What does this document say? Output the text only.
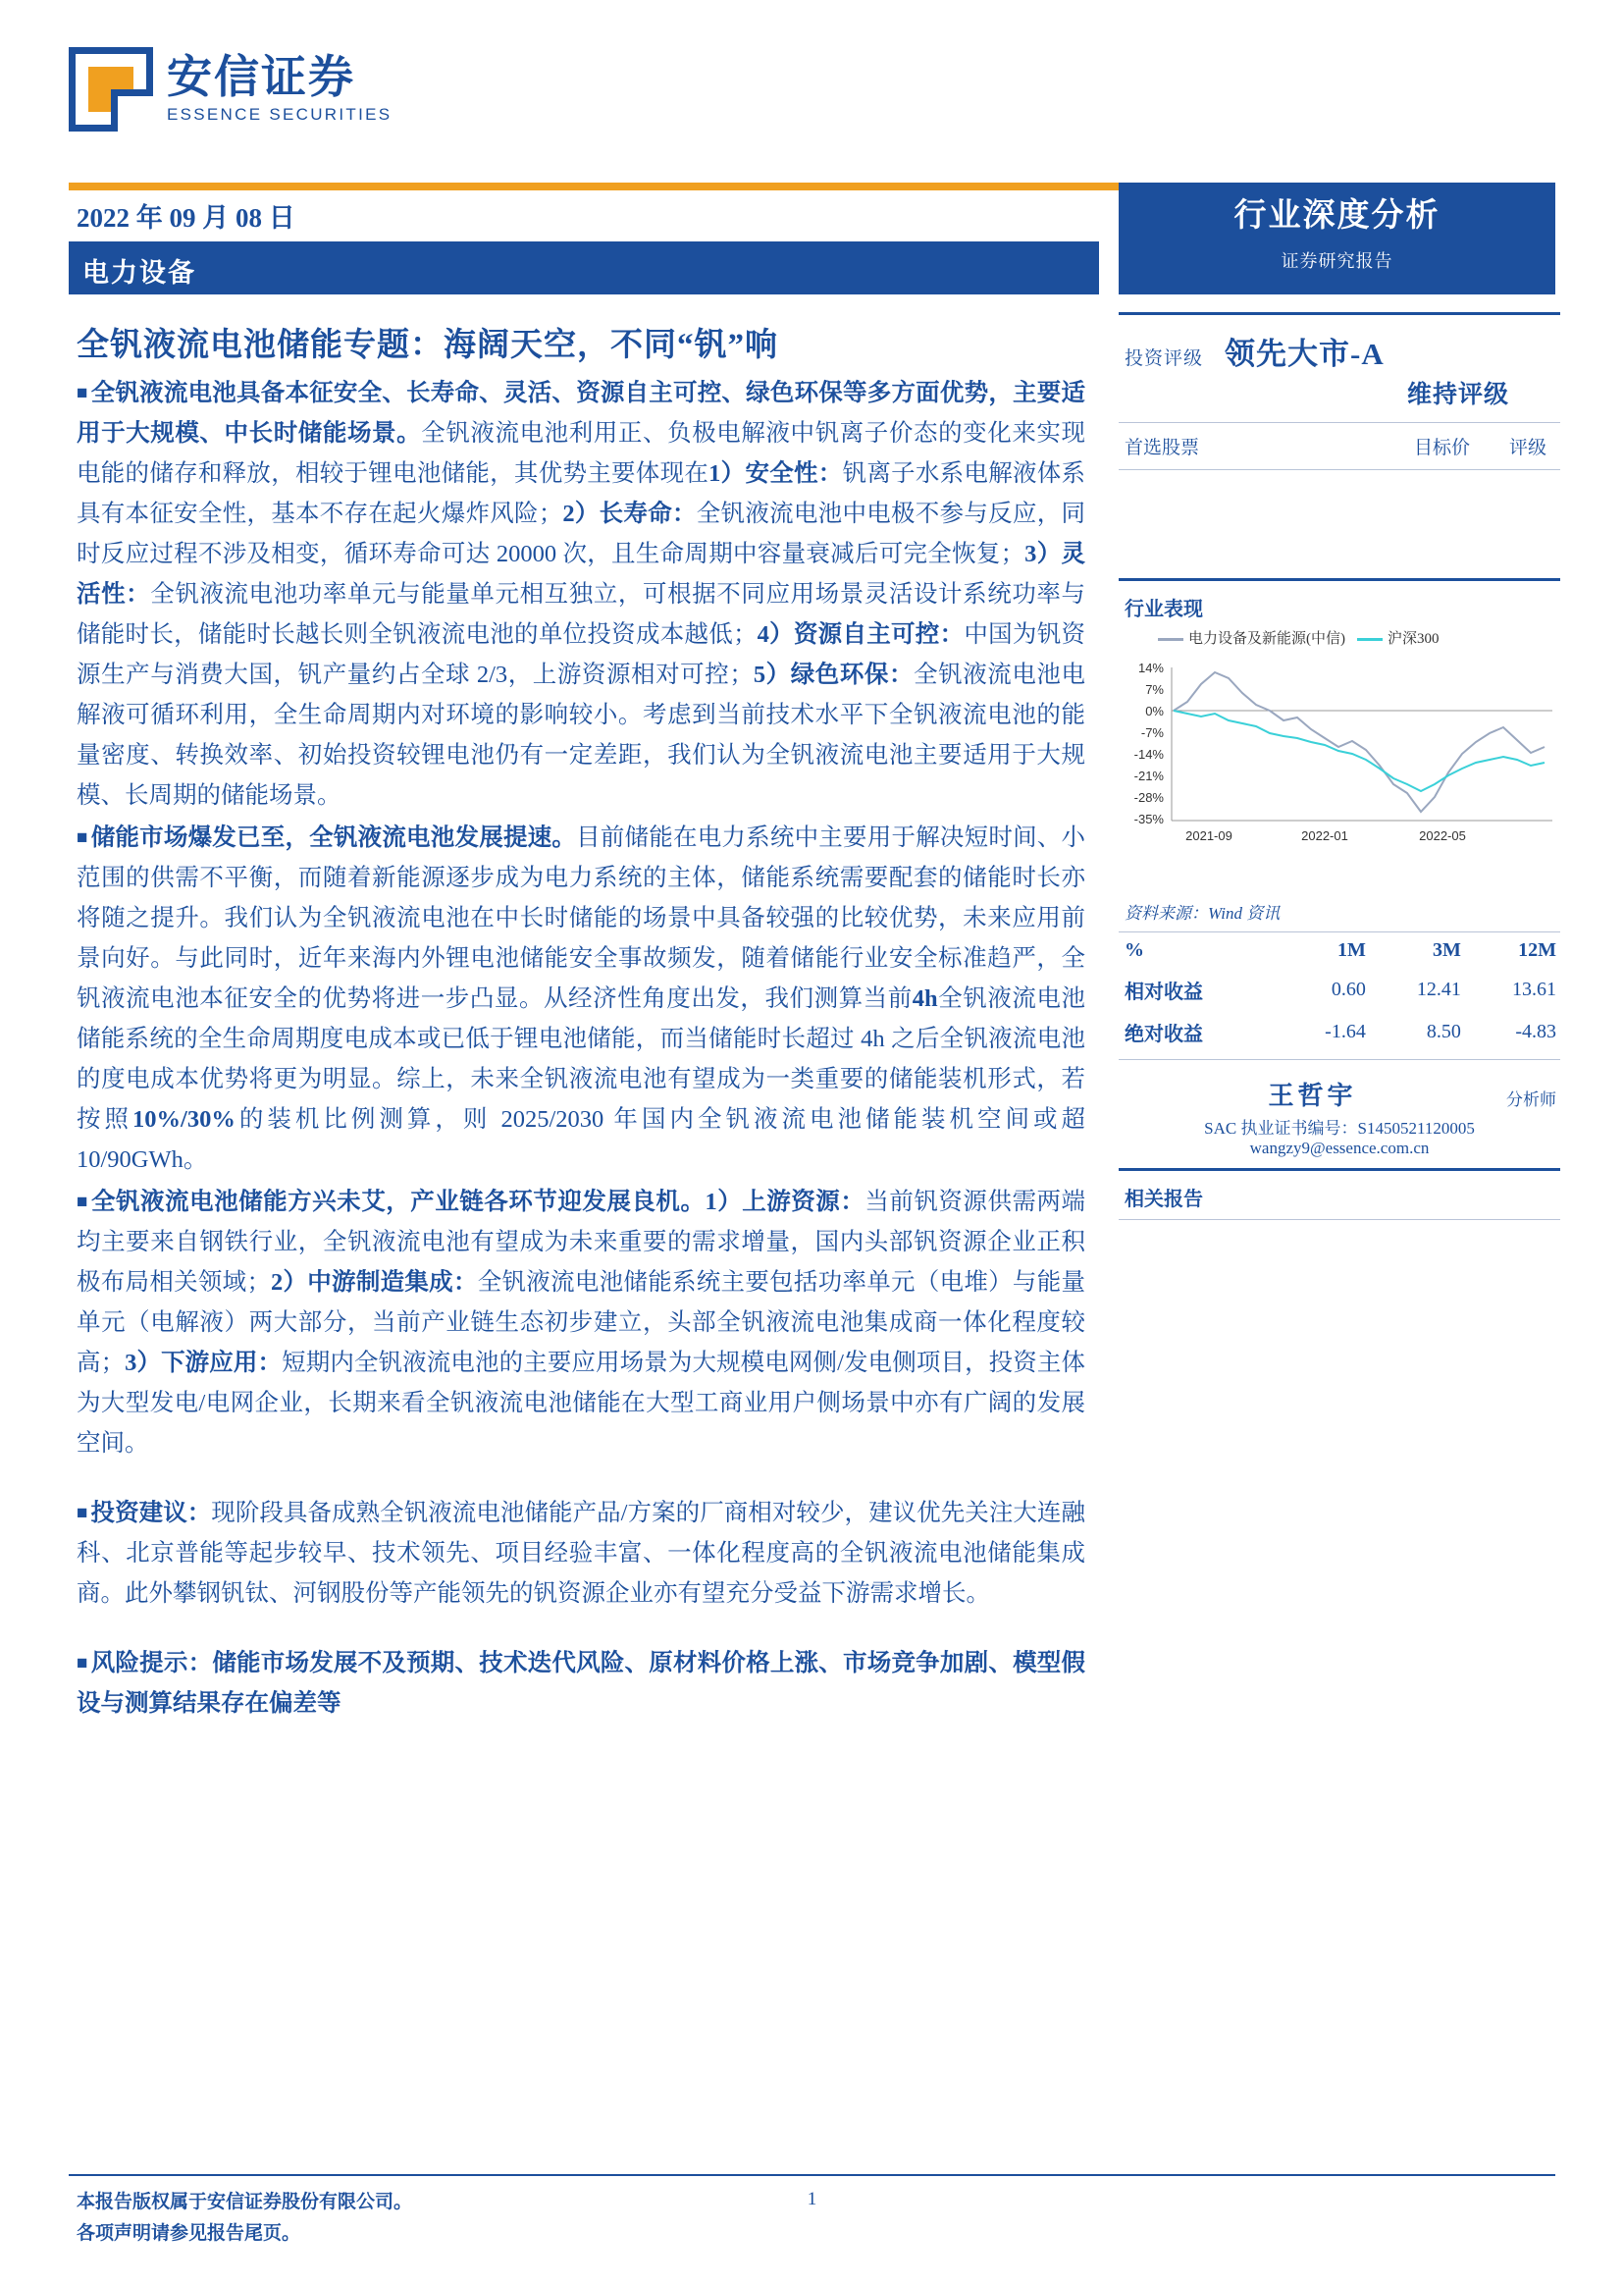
安信证券
ESSENCE SECURITIES
2022 年 09 月 08 日
电力设备
行业深度分析
证券研究报告
全钒液流电池储能专题：海阔天空，不同“钒”响

■ 全钒液流电池具备本征安全、长寿命、灵活、资源自主可控、绿色环保等多方面优势，主要适用于大规模、中长时储能场景。全钒液流电池利用正、负极电解液中钒离子价态的变化来实现电能的储存和释放，相较于锂电池储能，其优势主要体现在1）安全性：钒离子水系电解液体系具有本征安全性，基本不存在起火爆炸风险；2）长寿命：全钒液流电池中电极不参与反应，同时反应过程不涉及相变，循环寿命可达 20000 次，且生命周期中容量衰减后可完全恢复；3）灵活性：全钒液流电池功率单元与能量单元相互独立，可根据不同应用场景灵活设计系统功率与储能时长，储能时长越长则全钒液流电池的单位投资成本越低；4）资源自主可控：中国为钒资源生产与消费大国，钒产量约占全球 2/3，上游资源相对可控；5）绿色环保：全钒液流电池电解液可循环利用，全生命周期内对环境的影响较小。考虑到当前技术水平下全钒液流电池的能量密度、转换效率、初始投资较锂电池仍有一定差距，我们认为全钒液流电池主要适用于大规模、长周期的储能场景。

■ 储能市场爆发已至，全钒液流电池发展提速。目前储能在电力系统中主要用于解决短时间、小范围的供需不平衡，而随着新能源逐步成为电力系统的主体，储能系统需要配套的储能时长亦将随之提升。我们认为全钒液流电池在中长时储能的场景中具备较强的比较优势，未来应用前景向好。与此同时，近年来海内外锂电池储能安全事故频发，随着储能行业安全标准趋严，全钒液流电池本征安全的优势将进一步凸显。从经济性角度出发，我们测算当前4h全钒液流电池储能系统的全生命周期度电成本或已低于锂电池储能，而当储能时长超过 4h 之后全钒液流电池的度电成本优势将更为明显。综上，未来全钒液流电池有望成为一类重要的储能装机形式，若按照10%/30%的装机比例测算，则 2025/2030 年国内全钒液流电池储能装机空间或超 10/90GWh。

■ 全钒液流电池储能方兴未艾，产业链各环节迎发展良机。1）上游资源：当前钒资源供需两端均主要来自钢铁行业，全钒液流电池有望成为未来重要的需求增量，国内头部钒资源企业正积极布局相关领域；2）中游制造集成：全钒液流电池储能系统主要包括功率单元（电堆）与能量单元（电解液）两大部分，当前产业链生态初步建立，头部全钒液流电池集成商一体化程度较高；3）下游应用：短期内全钒液流电池的主要应用场景为大规模电网侧/发电侧项目，投资主体为大型发电/电网企业，长期来看全钒液流电池储能在大型工商业用户侧场景中亦有广阔的发展空间。

■ 投资建议：现阶段具备成熟全钒液流电池储能产品/方案的厂商相对较少，建议优先关注大连融科、北京普能等起步较早、技术领先、项目经验丰富、一体化程度高的全钒液流电池储能集成商。此外攀钢钒钛、河钢股份等产能领先的钒资源企业亦有望充分受益下游需求增长。

■ 风险提示：储能市场发展不及预期、技术迭代风险、原材料价格上涨、市场竞争加剧、模型假设与测算结果存在偏差等

投资评级 领先大市-A
维持评级
首选股票	目标价 评级
行业表现
电力设备及新能源(中信)	沪深300
14%
7%
0%
-7%
-14%
-21%
-28%
-35%
2021-09	2022-01	2022-05
资料来源：Wind 资讯
%	1M	3M	12M
相对收益	0.60	12.41	13.61
绝对收益	-1.64	8.50	-4.83
分析师
王哲宇
SAC 执业证书编号：S1450521120005
wangzy9@essence.com.cn
相关报告
本报告版权属于安信证券股份有限公司。
各项声明请参见报告尾页。
1
